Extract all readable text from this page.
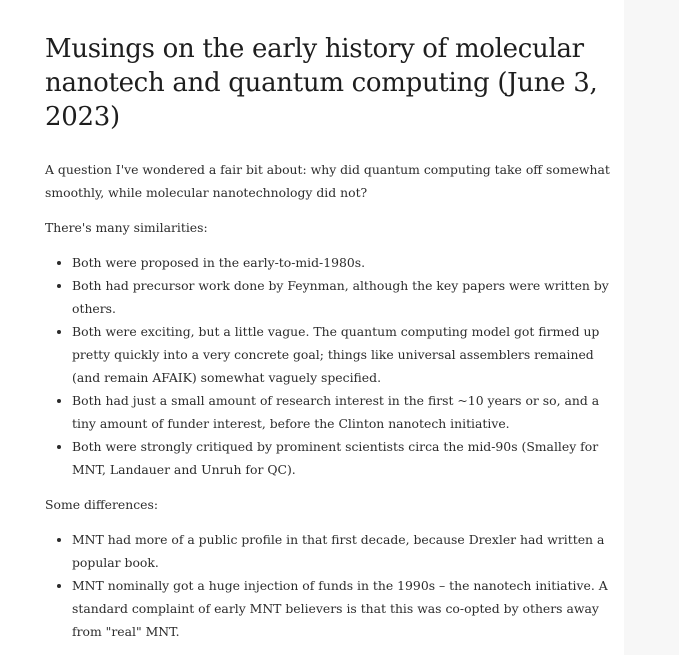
Musings on the early history of molecular nanotech and quantum computing (June 3, 2023)

A question I've wondered a fair bit about: why did quantum computing take off somewhat smoothly, while molecular nanotechnology did not?

There's many similarities:

• Both were proposed in the early-to-mid-1980s.
• Both had precursor work done by Feynman, although the key papers were written by others.
• Both were exciting, but a little vague. The quantum computing model got firmed up pretty quickly into a very concrete goal; things like universal assemblers remained (and remain AFAIK) somewhat vaguely specified.
• Both had just a small amount of research interest in the first ~10 years or so, and a tiny amount of funder interest, before the Clinton nanotech initiative.
• Both were strongly critiqued by prominent scientists circa the mid-90s (Smalley for MNT, Landauer and Unruh for QC).

Some differences:

• MNT had more of a public profile in that first decade, because Drexler had written a popular book.
• MNT nominally got a huge injection of funds in the 1990s – the nanotech initiative. A standard complaint of early MNT believers is that this was co-opted by others away from "real" MNT.
